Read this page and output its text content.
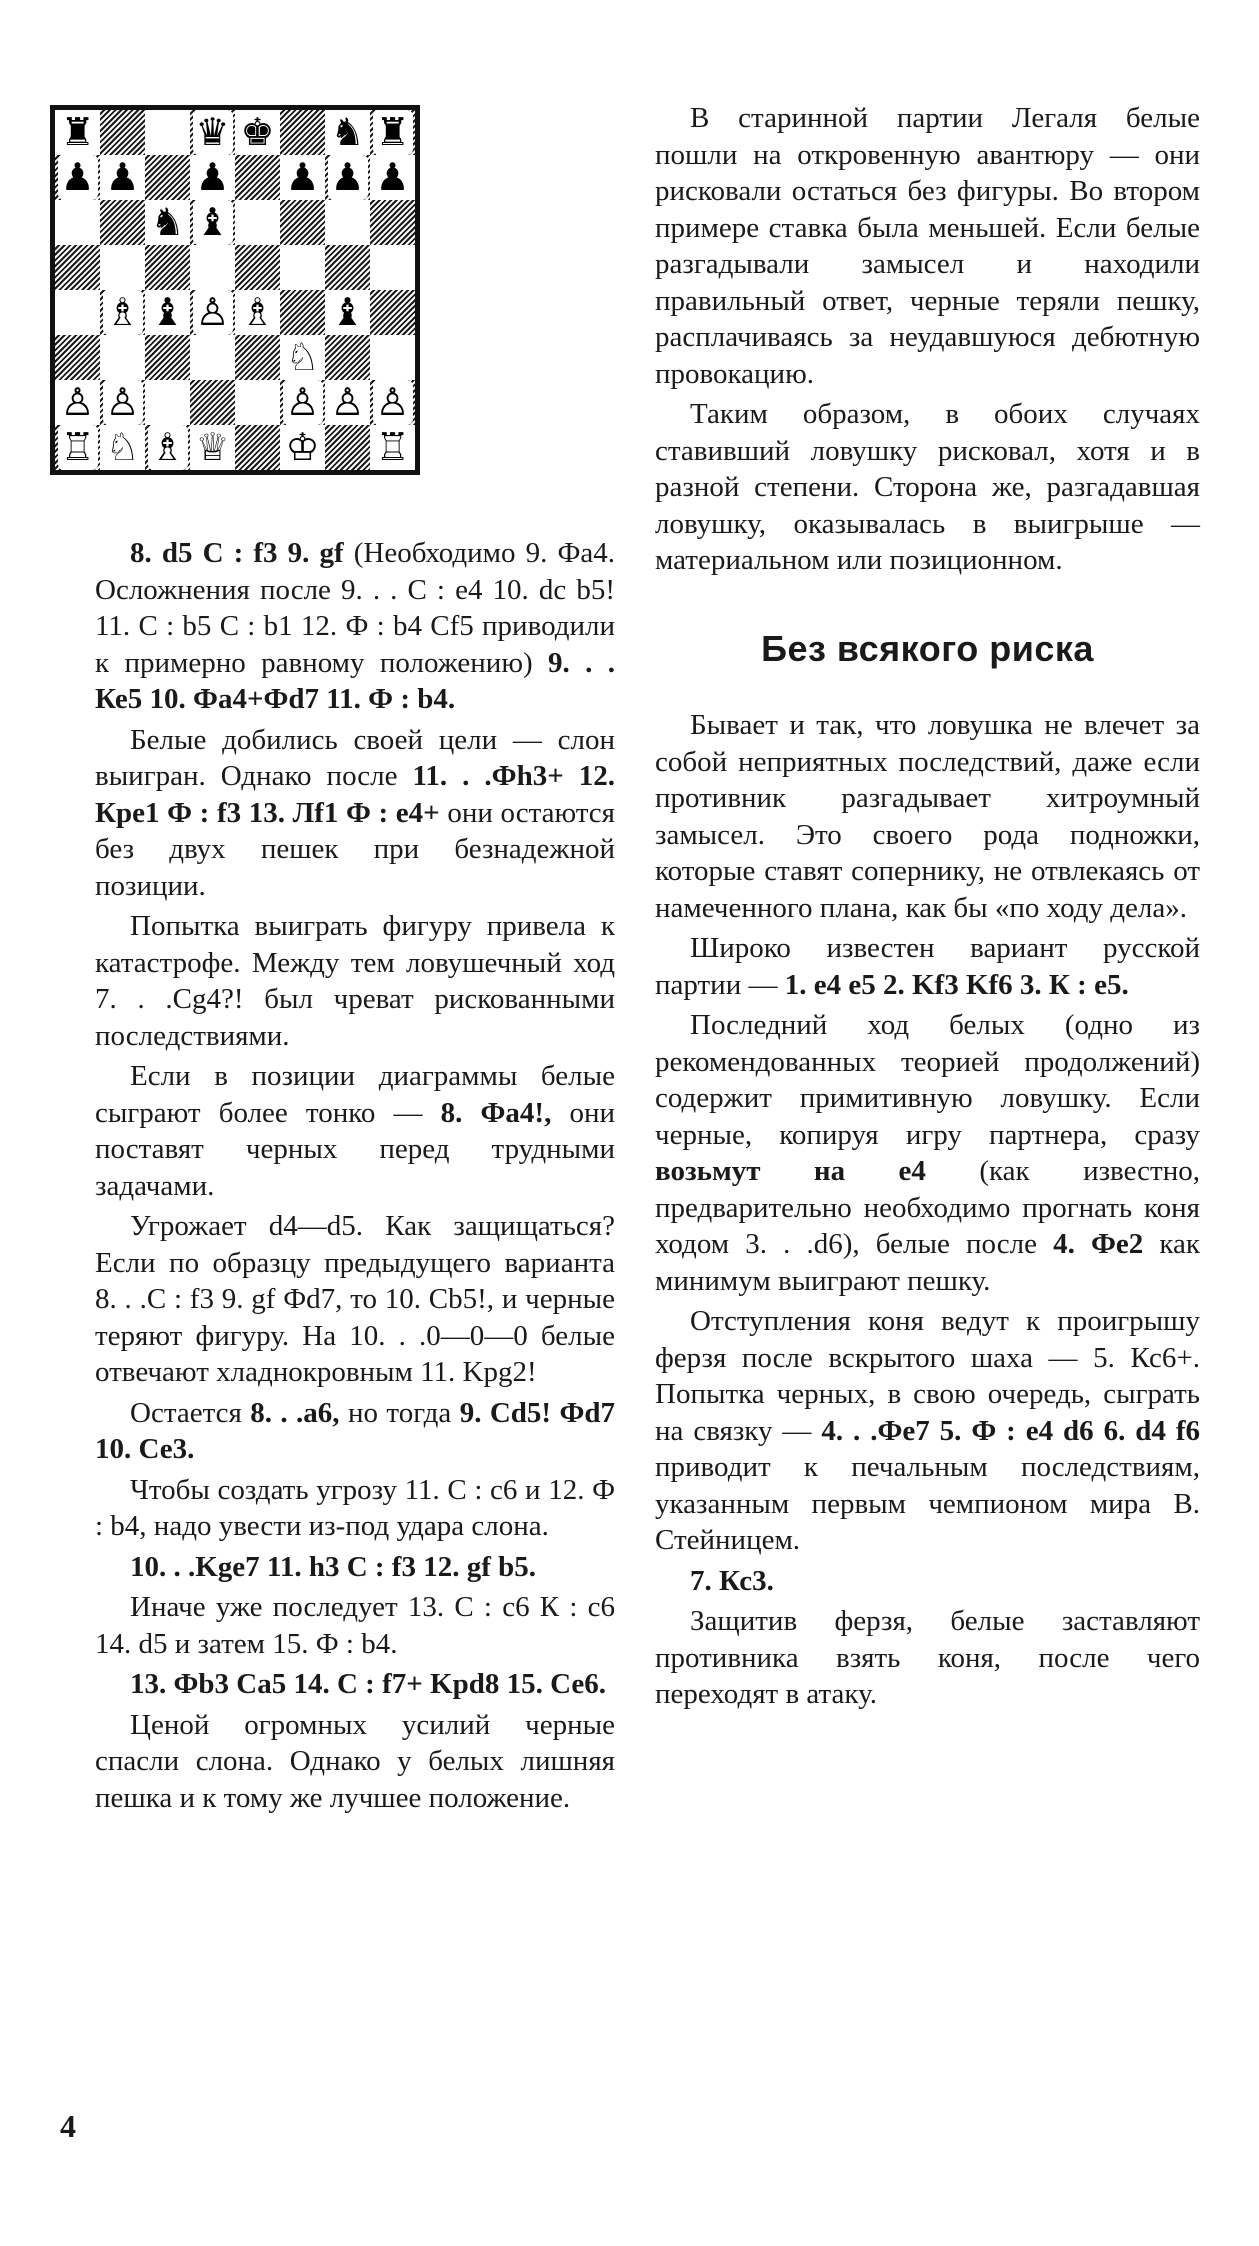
♜	♛ ♚ ♞ ♜
♟ ♟ ♟ ♟ ♟ ♟
♞ ♝
♗ ♝ ♙ ♗ ♝
♘
♙ ♙	♙ ♙ ♙
♖ ♘ ♗ ♕ ♔ ♖

8. d5 С : f3 9. gf (Необходимо 9. Фа4. Осложнения после 9. . . С : е4 10. dc b5! 11. С : b5 С : b1 12. Ф : b4 Cf5 приводили к примерно равному положению) 9. . . Ке5 10. Фа4+Фd7 11. Ф : b4.

Белые добились своей цели — слон выигран. Однако после 11. . .Фh3+ 12. Кре1 Ф : f3 13. Лf1 Ф : е4+ они остаются без двух пешек при безнадежной позиции.

Попытка выиграть фигуру привела к катастрофе. Между тем ловушечный ход 7. . .Cg4?! был чреват рискованными последствиями.

Если в позиции диаграммы белые сыграют более тонко — 8. Фа4!, они поставят черных перед трудными задачами.

Угрожает d4—d5. Как защищаться? Если по образцу предыдущего варианта 8. . .С : f3 9. gf Фd7, то 10. Cb5!, и черные теряют фигуру. На 10. . .0—0—0 белые отвечают хладнокровным 11. Kpg2!

Остается 8. . .а6, но тогда 9. Cd5! Фd7 10. Се3.

Чтобы создать угрозу 11. С : с6 и 12. Ф : b4, надо увести из-под удара слона.

10. . .Kge7 11. h3 С : f3 12. gf b5.

Иначе уже последует 13. С : с6 К : с6 14. d5 и затем 15. Ф : b4.

13. Фb3 Са5 14. С : f7+ Kpd8 15. Се6.

Ценой огромных усилий черные спасли слона. Однако у белых лишняя пешка и к тому же лучшее положение.

В старинной партии Легаля белые пошли на откровенную авантюру — они рисковали остаться без фигуры. Во втором примере ставка была меньшей. Если белые разгадывали замысел и находили правильный ответ, черные теряли пешку, расплачиваясь за неудавшуюся дебютную провокацию.

Таким образом, в обоих случаях ставивший ловушку рисковал, хотя и в разной степени. Сторона же, разгадавшая ловушку, оказывалась в выигрыше — материальном или позиционном.

Без всякого риска

Бывает и так, что ловушка не влечет за собой неприятных последствий, даже если противник разгадывает хитроумный замысел. Это своего рода подножки, которые ставят сопернику, не отвлекаясь от намеченного плана, как бы «по ходу дела».

Широко известен вариант русской партии — 1. е4 е5 2. Kf3 Kf6 3. К : е5.

Последний ход белых (одно из рекомендованных теорией продолжений) содержит примитивную ловушку. Если черные, копируя игру партнера, сразу возьмут на е4 (как известно, предварительно необходимо прогнать коня ходом 3. . .d6), белые после 4. Фе2 как минимум выиграют пешку.

Отступления коня ведут к проигрышу ферзя после вскрытого шаха — 5. Кс6+. Попытка черных, в свою очередь, сыграть на связку — 4. . .Фе7 5. Ф : е4 d6 6. d4 f6 приводит к печальным последствиям, указанным первым чемпионом мира В. Стейницем.

7. Кс3.

Защитив ферзя, белые заставляют противника взять коня, после чего переходят в атаку.

4
